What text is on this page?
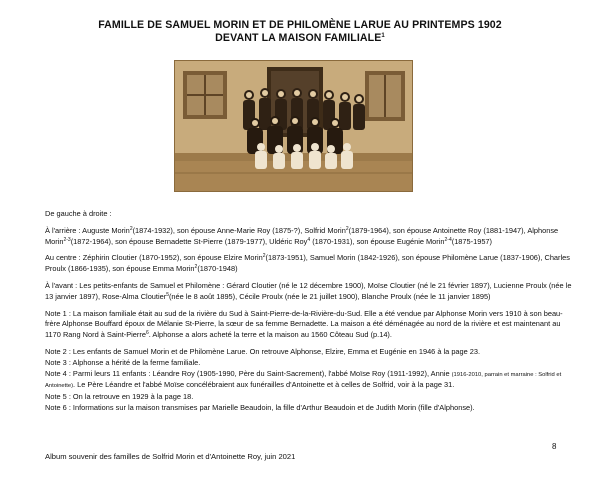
FAMILLE DE SAMUEL MORIN ET DE PHILOMÈNE LARUE AU PRINTEMPS 1902
DEVANT LA MAISON FAMILIALE$^1$

De gauche à droite :

À l'arrière : Auguste Morin$^2$(1874-1932), son épouse Anne-Marie Roy (1875-?), Solfrid Morin$^2$(1879-1964), son épouse Antoinette Roy (1881-1947), Alphonse Morin$^{2-3}$(1872-1964), son épouse Bernadette St-Pierre (1879-1977), Uldéric Roy$^4$ (1870-1931), son épouse Eugénie Morin$^{2-4}$(1875-1957)

Au centre : Zéphirin Cloutier (1870-1952), son épouse Elzire Morin$^2$(1873-1951), Samuel Morin (1842-1926), son épouse Philomène Larue (1837-1906), Charles Proulx (1866-1935), son épouse Emma Morin$^2$(1870-1948)

À l'avant : Les petits-enfants de Samuel et Philomène : Gérard Cloutier (né le 12 décembre 1900), Moïse Cloutier (né le 21 février 1897), Lucienne Proulx (née le 13 janvier 1897), Rose-Alma Cloutier$^5$(née le 8 août 1895), Cécile Proulx (née le 21 juillet 1900), Blanche Proulx (née le 11 janvier 1895)

Note 1 : La maison familiale était au sud de la rivière du Sud à Saint-Pierre-de-la-Rivière-du-Sud. Elle a été vendue par Alphonse Morin vers 1910 à son beau-frère Alphonse Bouffard époux de Mélanie St-Pierre, la sœur de sa femme Bernadette. La maison a été déménagée au nord de la rivière et est maintenant au 1170 Rang Nord à Saint-Pierre$^6$. Alphonse a alors acheté la terre et la maison au 1560 Côteau Sud (p.14).

Note 2 : Les enfants de Samuel Morin et de Philomène Larue. On retrouve Alphonse, Elzire, Emma et Eugénie en 1946 à la page 23.

Note 3 : Alphonse a hérité de la ferme familiale.

Note 4 : Parmi leurs 11 enfants : Léandre Roy (1905-1990, Père du Saint-Sacrement), l'abbé Moïse Roy (1911-1992), Annie (1916-2010, parrain et marraine : Solfrid et Antoinette). Le Père Léandre et l'abbé Moïse concélébraient aux funérailles d'Antoinette et à celles de Solfrid, voir à la page 31.

Note 5 : On la retrouve en 1929 à la page 18.

Note 6 : Informations sur la maison transmises par Marielle Beaudoin, la fille d'Arthur Beaudoin et de Judith Morin (fille d'Alphonse).

8
Album souvenir des familles de Solfrid Morin et d'Antoinette Roy, juin 2021
